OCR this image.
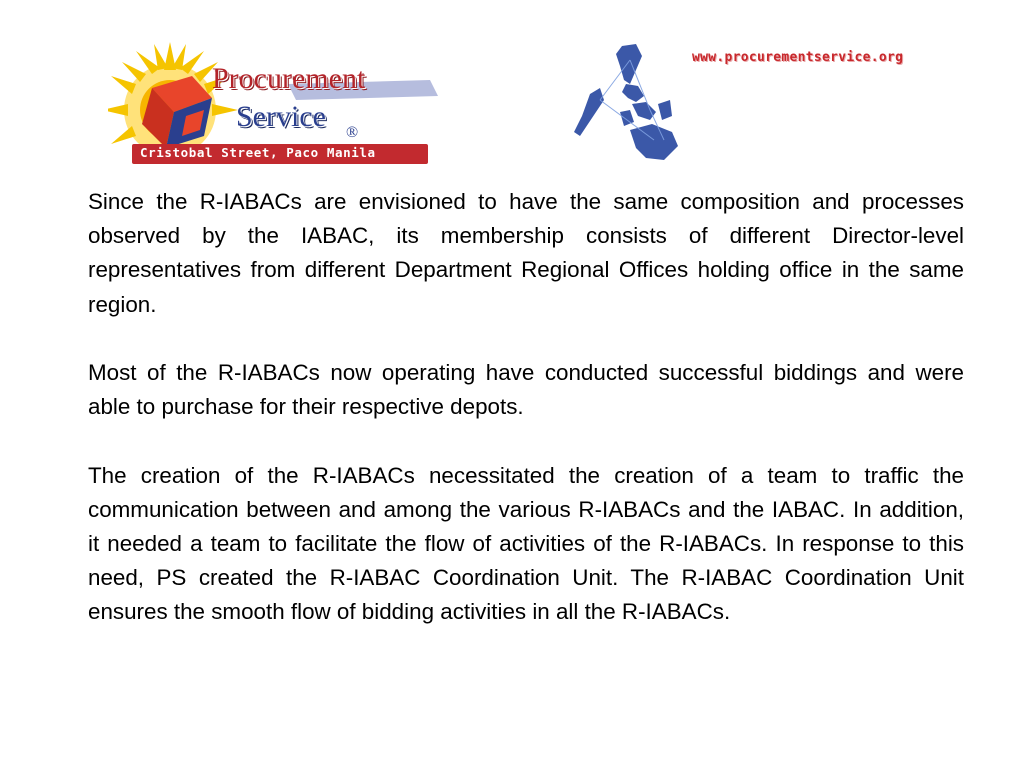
Procurement
Service ®
Cristobal Street, Paco Manila
www.procurementservice.org

Since the R-IABACs are envisioned to have the same composition and processes observed by the IABAC, its membership consists of different Director-level representatives from different Department Regional Offices holding office in the same region.

Most of the R-IABACs now operating have conducted successful biddings and were able to purchase for their respective depots.

The creation of the R-IABACs necessitated the creation of a team to traffic the communication between and among the various R-IABACs and the IABAC. In addition, it needed a team to facilitate the flow of activities of the R-IABACs. In response to this need, PS created the R-IABAC Coordination Unit. The R-IABAC Coordination Unit ensures the smooth flow of bidding activities in all the R-IABACs.
